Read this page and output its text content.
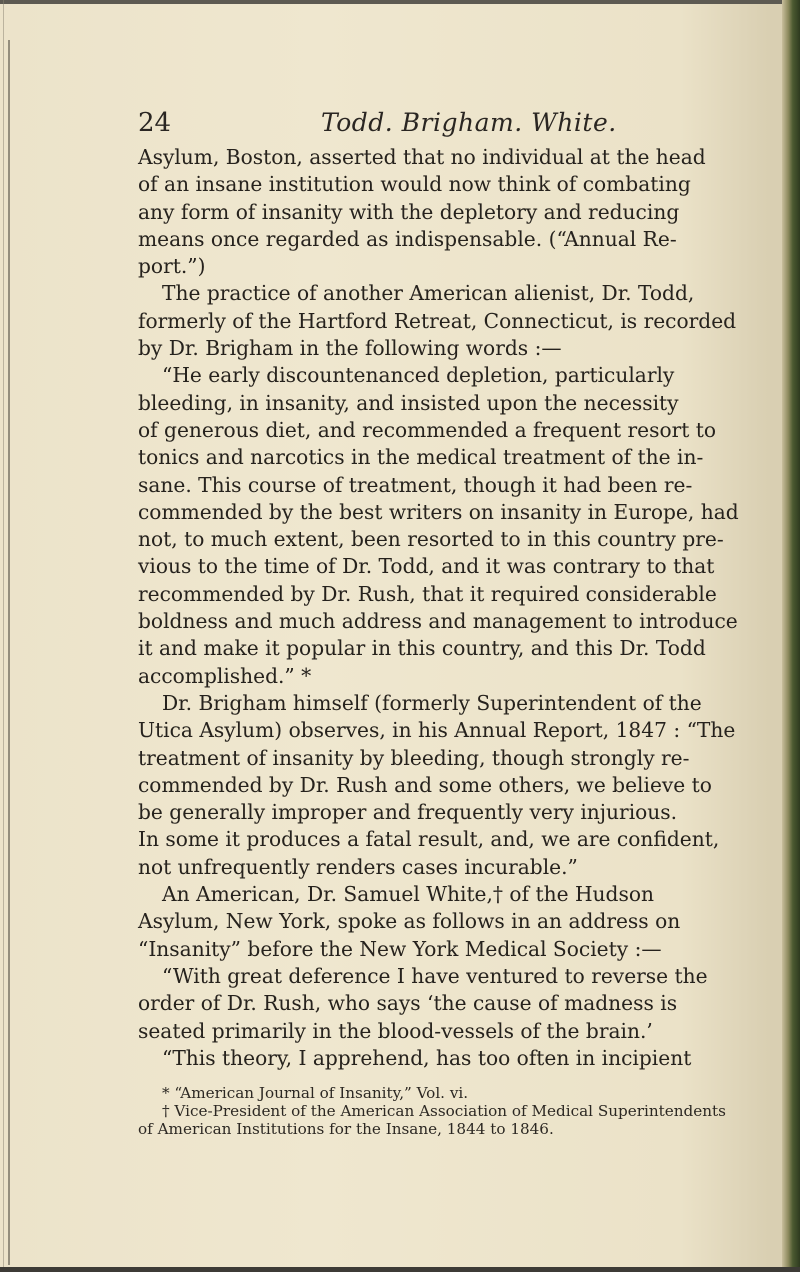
24	Todd. Brigham. White.
Asylum, Boston, asserted that no individual at the head
of an insane institution would now think of combating
any form of insanity with the depletory and reducing
means once regarded as indispensable. (“Annual Re-
port.”)
The practice of another American alienist, Dr. Todd,
formerly of the Hartford Retreat, Connecticut, is recorded
by Dr. Brigham in the following words :—
“He early discountenanced depletion, particularly
bleeding, in insanity, and insisted upon the necessity
of generous diet, and recommended a frequent resort to
tonics and narcotics in the medical treatment of the in-
sane. This course of treatment, though it had been re-
commended by the best writers on insanity in Europe, had
not, to much extent, been resorted to in this country pre-
vious to the time of Dr. Todd, and it was contrary to that
recommended by Dr. Rush, that it required considerable
boldness and much address and management to introduce
it and make it popular in this country, and this Dr. Todd
accomplished.” *
Dr. Brigham himself (formerly Superintendent of the
Utica Asylum) observes, in his Annual Report, 1847 : “The
treatment of insanity by bleeding, though strongly re-
commended by Dr. Rush and some others, we believe to
be generally improper and frequently very injurious.
In some it produces a fatal result, and, we are confident,
not unfrequently renders cases incurable.”
An American, Dr. Samuel White,† of the Hudson
Asylum, New York, spoke as follows in an address on
“Insanity” before the New York Medical Society :—
“With great deference I have ventured to reverse the
order of Dr. Rush, who says ‘the cause of madness is
seated primarily in the blood-vessels of the brain.’
“This theory, I apprehend, has too often in incipient
* “American Journal of Insanity,” Vol. vi.
† Vice-President of the American Association of Medical Superintendents
of American Institutions for the Insane, 1844 to 1846.
